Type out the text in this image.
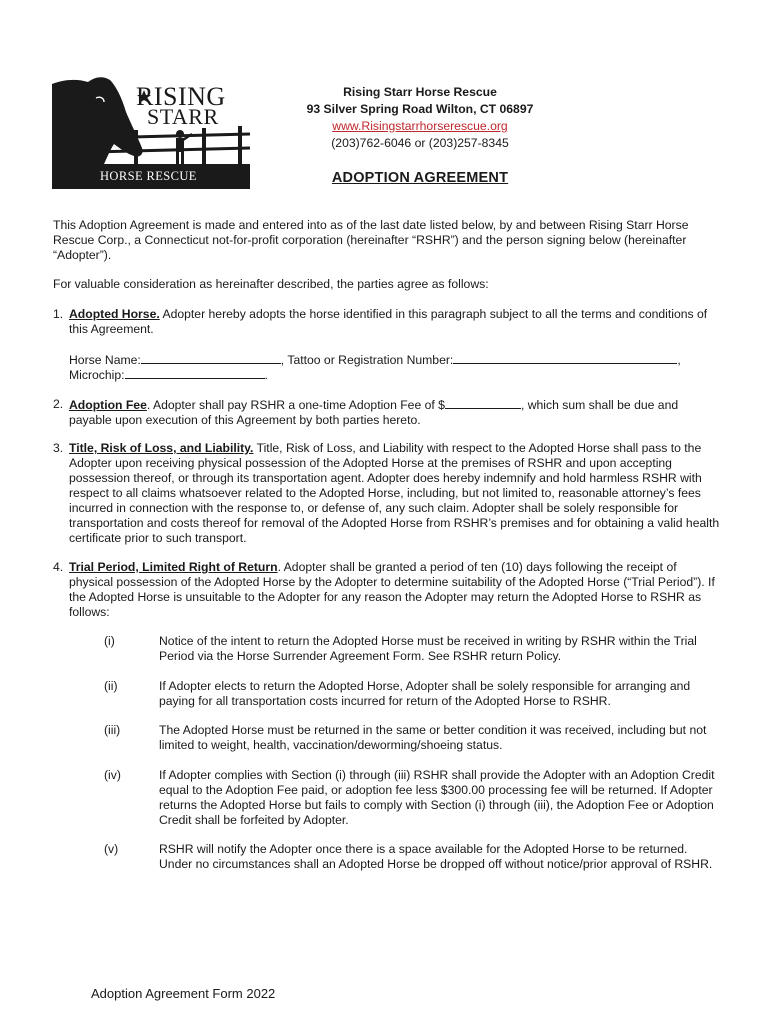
RISING
STARR
HORSE RESCUE
Rising Starr Horse Rescue
93 Silver Spring Road Wilton, CT 06897
www.Risingstarrhorserescue.org
(203)762-6046 or (203)257-8345
ADOPTION AGREEMENT

This Adoption Agreement is made and entered into as of the last date listed below, by and between Rising Starr Horse Rescue Corp., a Connecticut not-for-profit corporation (hereinafter “RSHR”) and the person signing below (hereinafter “Adopter”).

For valuable consideration as hereinafter described, the parties agree as follows:

1. Adopted Horse. Adopter hereby adopts the horse identified in this paragraph subject to all the terms and conditions of this Agreement.

Horse Name:	, Tattoo or Registration Number:	,

Microchip:	.

2. Adoption Fee. Adopter shall pay RSHR a one-time Adoption Fee of $	, which sum shall be due and payable upon execution of this Agreement by both parties hereto.

3. Title, Risk of Loss, and Liability. Title, Risk of Loss, and Liability with respect to the Adopted Horse shall pass to the Adopter upon receiving physical possession of the Adopted Horse at the premises of RSHR and upon accepting possession thereof, or through its transportation agent. Adopter does hereby indemnify and hold harmless RSHR with respect to all claims whatsoever related to the Adopted Horse, including, but not limited to, reasonable attorney’s fees incurred in connection with the response to, or defense of, any such claim. Adopter shall be solely responsible for transportation and costs thereof for removal of the Adopted Horse from RSHR’s premises and for obtaining a valid health certificate prior to such transport.

4. Trial Period, Limited Right of Return. Adopter shall be granted a period of ten (10) days following the receipt of physical possession of the Adopted Horse by the Adopter to determine suitability of the Adopted Horse (“Trial Period”). If the Adopted Horse is unsuitable to the Adopter for any reason the Adopter may return the Adopted Horse to RSHR as follows:

(i)	Notice of the intent to return the Adopted Horse must be received in writing by RSHR within the Trial Period via the Horse Surrender Agreement Form. See RSHR return Policy.

(ii)	If Adopter elects to return the Adopted Horse, Adopter shall be solely responsible for arranging and paying for all transportation costs incurred for return of the Adopted Horse to RSHR.

(iii)	The Adopted Horse must be returned in the same or better condition it was received, including but not limited to weight, health, vaccination/deworming/shoeing status.

(iv)	If Adopter complies with Section (i) through (iii) RSHR shall provide the Adopter with an Adoption Credit equal to the Adoption Fee paid, or adoption fee less $300.00 processing fee will be returned. If Adopter returns the Adopted Horse but fails to comply with Section (i) through (iii), the Adoption Fee or Adoption Credit shall be forfeited by Adopter.

(v)	RSHR will notify the Adopter once there is a space available for the Adopted Horse to be returned. Under no circumstances shall an Adopted Horse be dropped off without notice/prior approval of RSHR.

Adoption Agreement Form 2022
